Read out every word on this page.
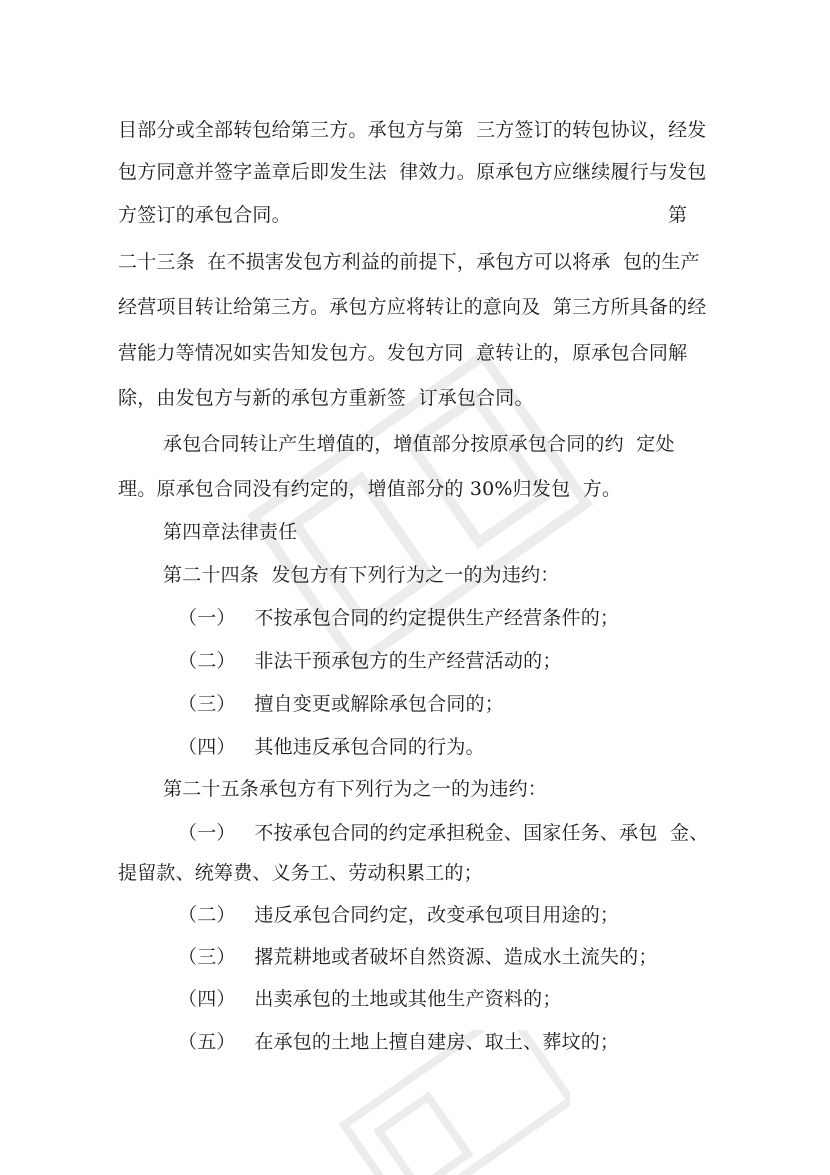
目部分或全部转包给第三方。承包方与第  三方签订的转包协议，经发
包方同意并签字盖章后即发生法  律效力。原承包方应继续履行与发包
方签订的承包合同。	第
二十三条  在不损害发包方利益的前提下，承包方可以将承  包的生产
经营项目转让给第三方。承包方应将转让的意向及  第三方所具备的经
营能力等情况如实告知发包方。发包方同  意转让的，原承包合同解
除，由发包方与新的承包方重新签  订承包合同。
承包合同转让产生增值的，增值部分按原承包合同的约  定处
理。原承包合同没有约定的，增值部分的 30%归发包  方。
第四章法律责任
第二十四条  发包方有下列行为之一的为违约：
（一）   不按承包合同的约定提供生产经营条件的；
（二）   非法干预承包方的生产经营活动的；
（三）   擅自变更或解除承包合同的；
（四）   其他违反承包合同的行为。
第二十五条承包方有下列行为之一的为违约：
（一）   不按承包合同的约定承担税金、国家任务、承包  金、
提留款、统筹费、义务工、劳动积累工的；
（二）   违反承包合同约定，改变承包项目用途的；
（三）   撂荒耕地或者破坏自然资源、造成水土流失的；
（四）   出卖承包的土地或其他生产资料的；
（五）   在承包的土地上擅自建房、取土、葬坟的；
